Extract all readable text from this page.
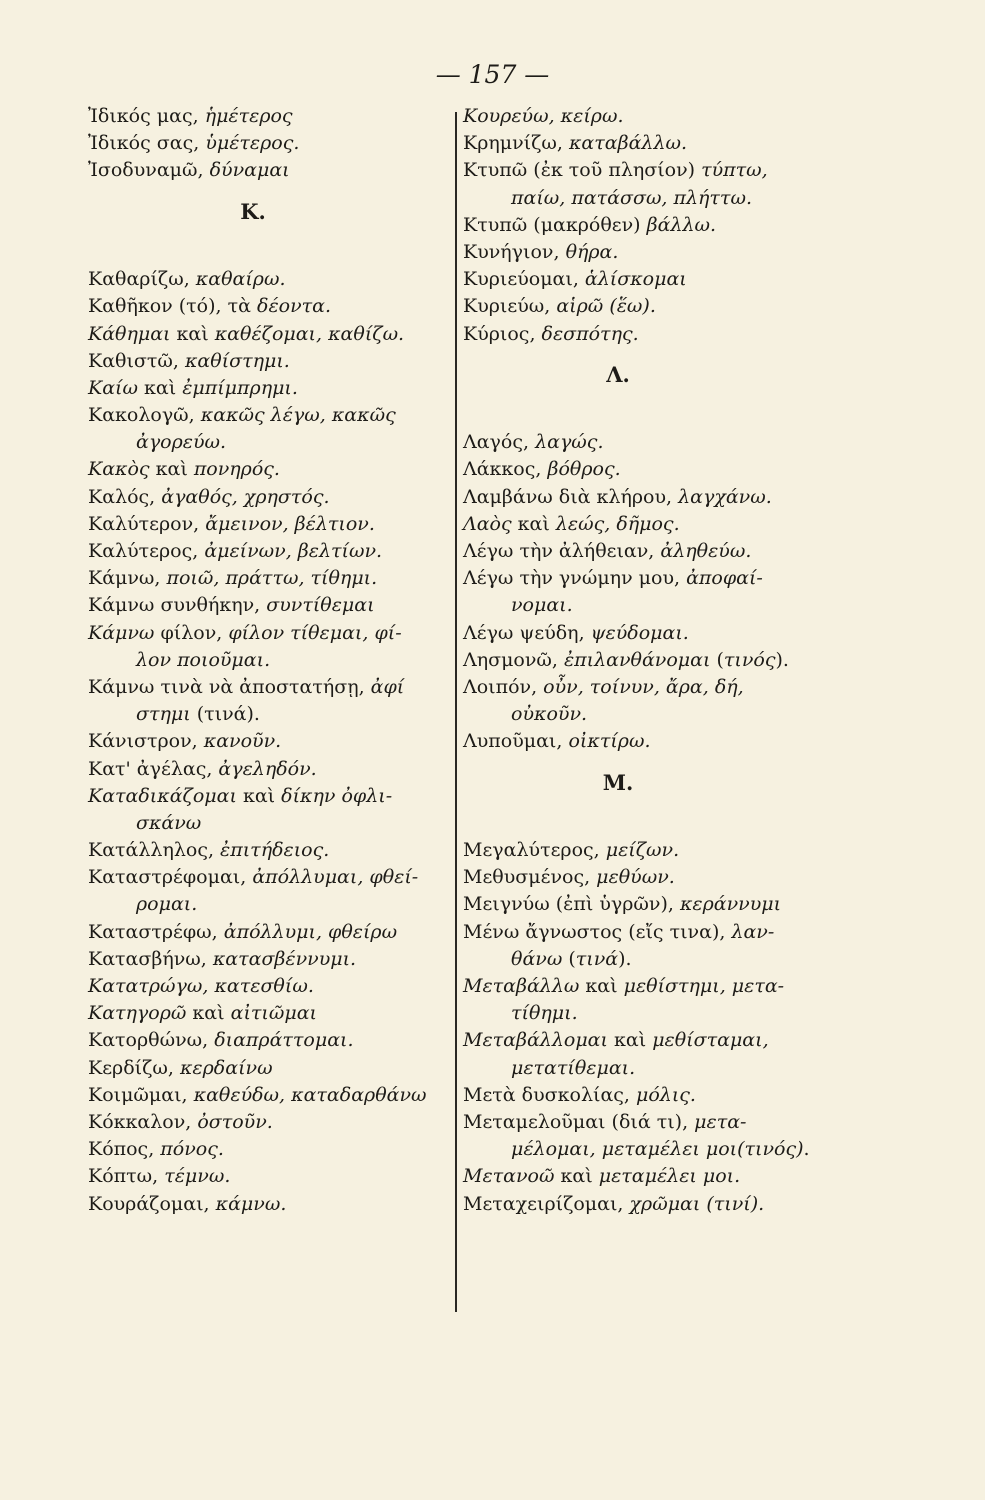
— 157 —
Ἰδικός μας, ἡμέτερος
Ἰδικός σας, ὑμέτερος.
Ἰσοδυναμῶ, δύναμαι
Κ.
Καθαρίζω, καθαίρω.
Καθῆκον (τό), τὰ δέοντα.
Κάθημαι καὶ καθέζομαι, καθίζω.
Καθιστῶ, καθίστημι.
Καίω καὶ ἐμπίμπρημι.
Κακολογῶ, κακῶς λέγω, κακῶς
ἀγορεύω.
Κακὸς καὶ πονηρός.
Καλός, ἀγαθός, χρηστός.
Καλύτερον, ἄμεινον, βέλτιον.
Καλύτερος, ἀμείνων, βελτίων.
Κάμνω, ποιῶ, πράττω, τίθημι.
Κάμνω συνθήκην, συντίθεμαι
Κάμνω φίλον, φίλον τίθεμαι, φί-
λον ποιοῦμαι.
Κάμνω τινὰ νὰ ἀποστατήσῃ, ἀφί
στημι (τινά).
Κάνιστρον, κανοῦν.
Κατ' ἀγέλας, ἀγεληδόν.
Καταδικάζομαι καὶ δίκην ὀφλι-
σκάνω
Κατάλληλος, ἐπιτήδειος.
Καταστρέφομαι, ἀπόλλυμαι, φθεί-
ρομαι.
Καταστρέφω, ἀπόλλυμι, φθείρω
Κατασβήνω, κατασβέννυμι.
Κατατρώγω, κατεσθίω.
Κατηγορῶ καὶ αἰτιῶμαι
Κατορθώνω, διαπράττομαι.
Κερδίζω, κερδαίνω
Κοιμῶμαι, καθεύδω, καταδαρθάνω
Κόκκαλον, ὀστοῦν.
Κόπος, πόνος.
Κόπτω, τέμνω.
Κουράζομαι, κάμνω.
Κουρεύω, κείρω.
Κρημνίζω, καταβάλλω.
Κτυπῶ (ἐκ τοῦ πλησίον) τύπτω,
παίω, πατάσσω, πλήττω.
Κτυπῶ (μακρόθεν) βάλλω.
Κυνήγιον, θήρα.
Κυριεύομαι, ἁλίσκομαι
Κυριεύω, αἱρῶ (ἕω).
Κύριος, δεσπότης.
Λ.
Λαγός, λαγώς.
Λάκκος, βόθρος.
Λαμβάνω διὰ κλήρου, λαγχάνω.
Λαὸς καὶ λεώς, δῆμος.
Λέγω τὴν ἀλήθειαν, ἀληθεύω.
Λέγω τὴν γνώμην μου, ἀποφαί-
νομαι.
Λέγω ψεύδη, ψεύδομαι.
Λησμονῶ, ἐπιλανθάνομαι (τινός).
Λοιπόν, οὖν, τοίνυν, ἄρα, δή,
οὐκοῦν.
Λυποῦμαι, οἰκτίρω.
Μ.
Μεγαλύτερος, μείζων.
Μεθυσμένος, μεθύων.
Μειγνύω (ἐπὶ ὑγρῶν), κεράννυμι
Μένω ἄγνωστος (εἴς τινα), λαν-
θάνω (τινά).
Μεταβάλλω καὶ μεθίστημι, μετα-
τίθημι.
Μεταβάλλομαι καὶ μεθίσταμαι,
μετατίθεμαι.
Μετὰ δυσκολίας, μόλις.
Μεταμελοῦμαι (διά τι), μετα-
μέλομαι, μεταμέλει μοι(τινός).
Μετανοῶ καὶ μεταμέλει μοι.
Μεταχειρίζομαι, χρῶμαι (τινί).
